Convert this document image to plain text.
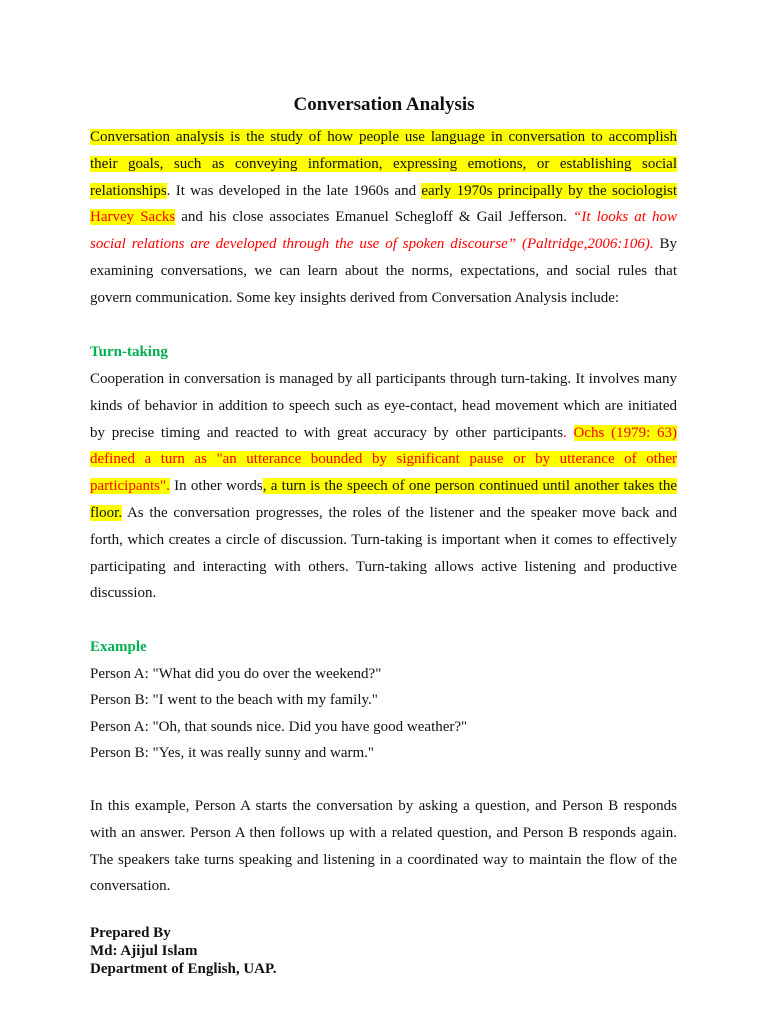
Conversation Analysis

Conversation analysis is the study of how people use language in conversation to accomplish their goals, such as conveying information, expressing emotions, or establishing social relationships. It was developed in the late 1960s and early 1970s principally by the sociologist Harvey Sacks and his close associates Emanuel Schegloff & Gail Jefferson. “It looks at how social relations are developed through the use of spoken discourse” (Paltridge,2006:106). By examining conversations, we can learn about the norms, expectations, and social rules that govern communication. Some key insights derived from Conversation Analysis include:

Turn-taking

Cooperation in conversation is managed by all participants through turn-taking. It involves many kinds of behavior in addition to speech such as eye-contact, head movement which are initiated by precise timing and reacted to with great accuracy by other participants. Ochs (1979: 63) defined a turn as "an utterance bounded by significant pause or by utterance of other participants". In other words, a turn is the speech of one person continued until another takes the floor. As the conversation progresses, the roles of the listener and the speaker move back and forth, which creates a circle of discussion. Turn-taking is important when it comes to effectively participating and interacting with others. Turn-taking allows active listening and productive discussion.

Example
Person A: "What did you do over the weekend?"
Person B: "I went to the beach with my family."
Person A: "Oh, that sounds nice. Did you have good weather?"
Person B: "Yes, it was really sunny and warm."

In this example, Person A starts the conversation by asking a question, and Person B responds with an answer. Person A then follows up with a related question, and Person B responds again. The speakers take turns speaking and listening in a coordinated way to maintain the flow of the conversation.

Prepared By
Md: Ajijul Islam
Department of English, UAP.
